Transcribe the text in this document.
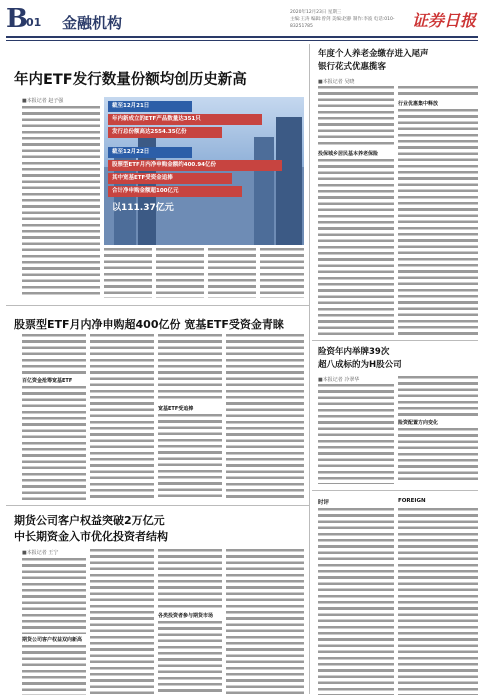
B
01 金融机构
2020年12月23日 星期三
主编:王涛 编辑:曾剑 美编:赵静 制作:李波 电话:010-83251785	证券日报
年内ETF发行数量份额均创历史新高
■本报记者 赵子强
截至12月21日
年内新成立的ETF产品数量达351只
发行总份额高达2554.35亿份
截至12月22日
股票型ETF月内净申购金额约400.94亿份
其中宽基ETF受资金追捧
合计净申购金额超100亿元
以111.37亿元
股票型ETF月内净申购超400亿份 宽基ETF受资金青睐
百亿资金抢筹宽基ETF
宽基ETF受追捧
期货公司客户权益突破2万亿元
中长期资金入市优化投资者结构
■本报记者 王宁
期货公司客户权益双向新高
各类投资者参与期货市场
年度个人养老金缴存进入尾声
银行花式优惠揽客
■本报记者 吴晓
行业优惠集中释放
投保城乡居民基本养老保险
险资年内举牌39次
超八成标的为H股公司
■本报记者 冷翠华
险资配置方向变化
时评	FOREIGN
